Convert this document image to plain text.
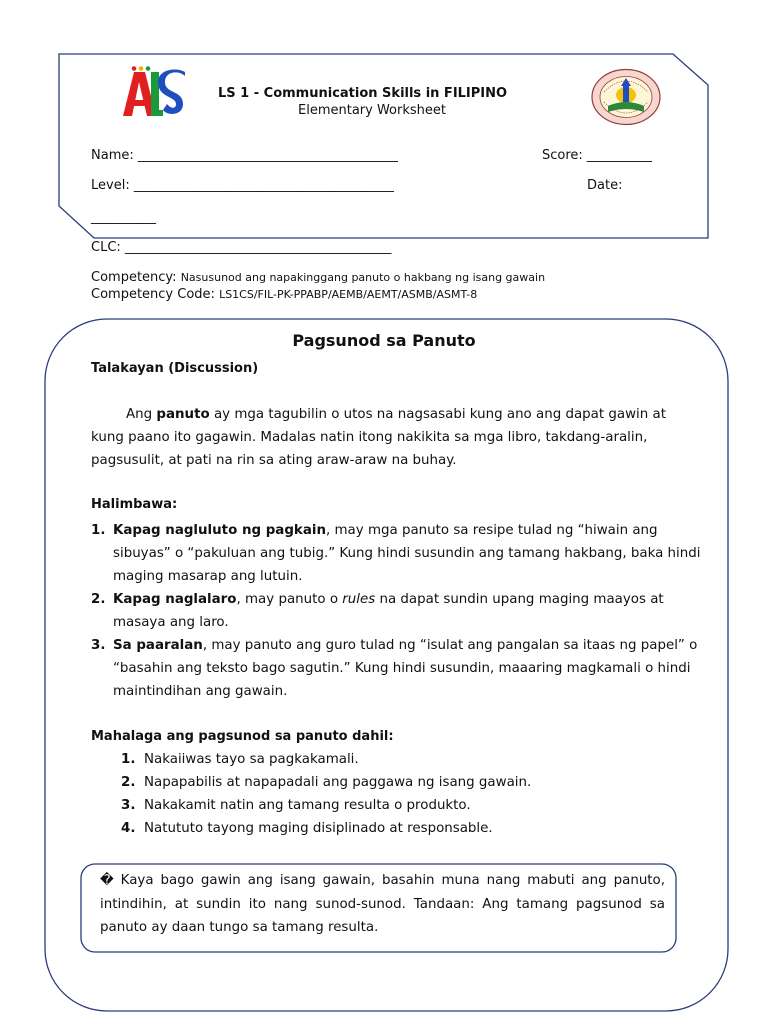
LS 1 - Communication Skills in FILIPINO
Elementary Worksheet
Name: ________________________________________	Score: __________
Level: ________________________________________	Date:
__________
CLC: _________________________________________
Competency: Nasusunod ang napakinggang panuto o hakbang ng isang gawain
Competency Code: LS1CS/FIL-PK-PPABP/AEMB/AEMT/ASMB/ASMT-8
Pagsunod sa Panuto
Talakayan (Discussion)
Ang panuto ay mga tagubilin o utos na nagsasabi kung ano ang dapat gawin at kung paano ito gagawin. Madalas natin itong nakikita sa mga libro, takdang-aralin, pagsusulit, at pati na rin sa ating araw-araw na buhay.
Halimbawa:
1. Kapag nagluluto ng pagkain, may mga panuto sa resipe tulad ng “hiwain ang sibuyas” o “pakuluan ang tubig.” Kung hindi susundin ang tamang hakbang, baka hindi maging masarap ang lutuin.
2. Kapag naglalaro, may panuto o rules na dapat sundin upang maging maayos at masaya ang laro.
3. Sa paaralan, may panuto ang guro tulad ng “isulat ang pangalan sa itaas ng papel” o “basahin ang teksto bago sagutin.” Kung hindi susundin, maaaring magkamali o hindi maintindihan ang gawain.
Mahalaga ang pagsunod sa panuto dahil:
1. Nakaiiwas tayo sa pagkakamali.
2. Napapabilis at napapadali ang paggawa ng isang gawain.
3. Nakakamit natin ang tamang resulta o produkto.
4. Natututo tayong maging disiplinado at responsable.
� Kaya bago gawin ang isang gawain, basahin muna nang mabuti ang panuto, intindihin, at sundin ito nang sunod-sunod. Tandaan: Ang tamang pagsunod sa panuto ay daan tungo sa tamang resulta.
